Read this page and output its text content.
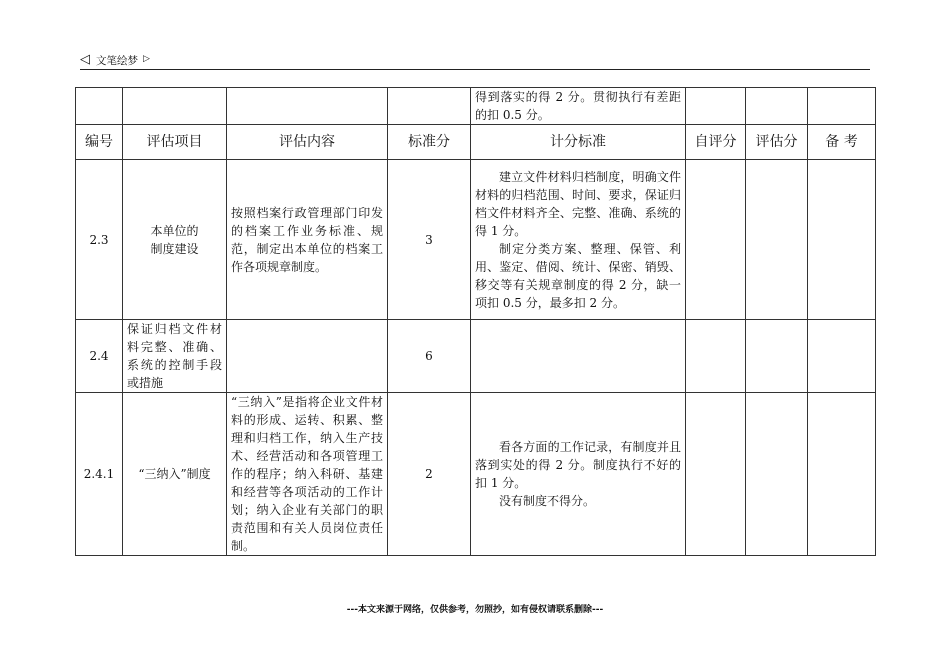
◁ 文笔绘梦 ▷
				得到落实的得 2 分。贯彻执行有差距的扣 0.5 分。			
编号	评估项目	评估内容	标准分	计分标准	自评分	评估分	备 考
2.3	本单位的制度建设	按照档案行政管理部门印发的档案工作业务标准、规范，制定出本单位的档案工作各项规章制度。	3	建立文件材料归档制度，明确文件材料的归档范围、时间、要求，保证归档文件材料齐全、完整、准确、系统的得 1 分。
制定分类方案、整理、保管、利用、鉴定、借阅、统计、保密、销毁、移交等有关规章制度的得 2 分，缺一项扣 0.5 分，最多扣 2 分。			

2.4	保证归档文件材料完整、准确、系统的控制手段或措施		6				
2.4.1	“三纳入”制度	“三纳入”是指将企业文件材料的形成、运转、积累、整理和归档工作，纳入生产技术、经营活动和各项管理工作的程序；纳入科研、基建和经营等各项活动的工作计划；纳入企业有关部门的职责范围和有关人员岗位责任制。	2	看各方面的工作记录，有制度并且落到实处的得 2 分。制度执行不好的扣 1 分。
没有制度不得分。			

---本文来源于网络，仅供参考，勿照抄，如有侵权请联系删除---
